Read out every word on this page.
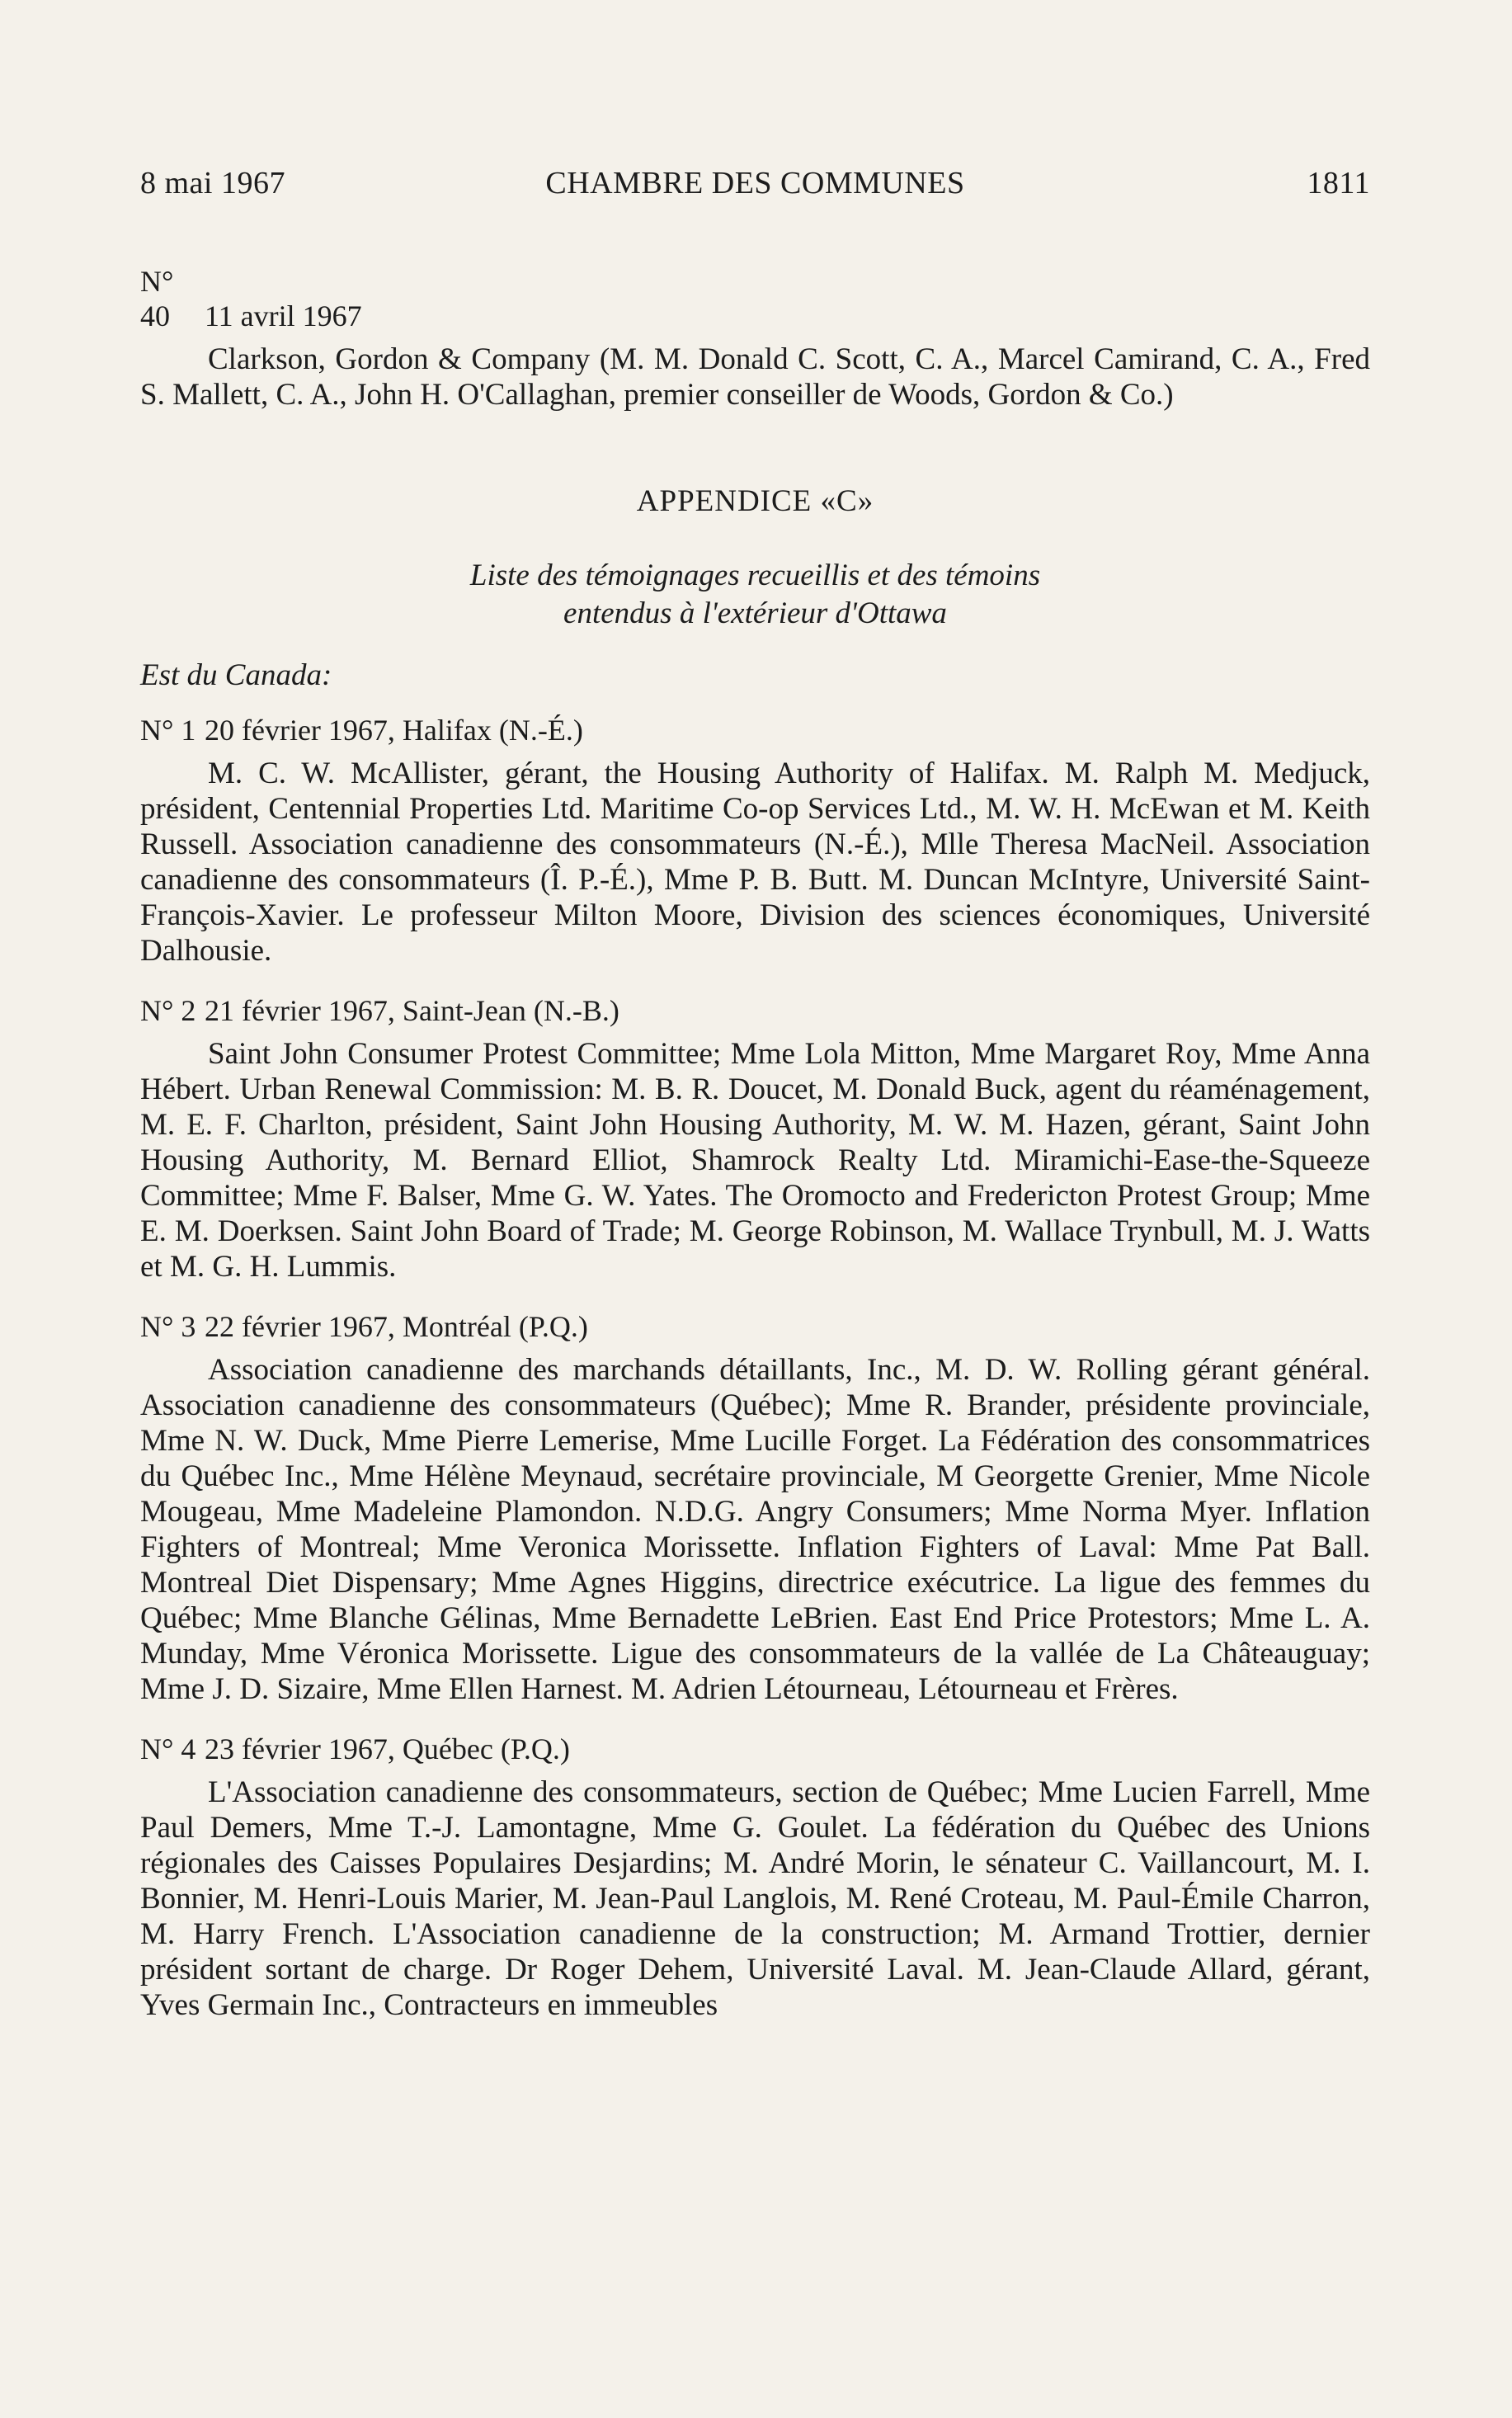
8 mai 1967	CHAMBRE DES COMMUNES	1811

N° 40 11 avril 1967

Clarkson, Gordon & Company (M. M. Donald C. Scott, C. A., Marcel Camirand, C. A., Fred S. Mallett, C. A., John H. O'Callaghan, premier conseiller de Woods, Gordon & Co.)

APPENDICE «C»

Liste des témoignages recueillis et des témoins
entendus à l'extérieur d'Ottawa

Est du Canada:

N° 1 20 février 1967, Halifax (N.-É.)

M. C. W. McAllister, gérant, the Housing Authority of Halifax. M. Ralph M. Medjuck, président, Centennial Properties Ltd. Maritime Co-op Services Ltd., M. W. H. McEwan et M. Keith Russell. Association canadienne des consommateurs (N.-É.), Mlle Theresa MacNeil. Association canadienne des consommateurs (Î. P.-É.), Mme P. B. Butt. M. Duncan McIntyre, Université Saint-François-Xavier. Le professeur Milton Moore, Division des sciences économiques, Université Dalhousie.

N° 2 21 février 1967, Saint-Jean (N.-B.)

Saint John Consumer Protest Committee; Mme Lola Mitton, Mme Margaret Roy, Mme Anna Hébert. Urban Renewal Commission: M. B. R. Doucet, M. Donald Buck, agent du réaménagement, M. E. F. Charlton, président, Saint John Housing Authority, M. W. M. Hazen, gérant, Saint John Housing Authority, M. Bernard Elliot, Shamrock Realty Ltd. Miramichi-Ease-the-Squeeze Committee; Mme F. Balser, Mme G. W. Yates. The Oromocto and Fredericton Protest Group; Mme E. M. Doerksen. Saint John Board of Trade; M. George Robinson, M. Wallace Trynbull, M. J. Watts et M. G. H. Lummis.

N° 3 22 février 1967, Montréal (P.Q.)

Association canadienne des marchands détaillants, Inc., M. D. W. Rolling gérant général. Association canadienne des consommateurs (Québec); Mme R. Brander, présidente provinciale, Mme N. W. Duck, Mme Pierre Lemerise, Mme Lucille Forget. La Fédération des consommatrices du Québec Inc., Mme Hélène Meynaud, secrétaire provinciale, M Georgette Grenier, Mme Nicole Mougeau, Mme Madeleine Plamondon. N.D.G. Angry Consumers; Mme Norma Myer. Inflation Fighters of Montreal; Mme Veronica Morissette. Inflation Fighters of Laval: Mme Pat Ball. Montreal Diet Dispensary; Mme Agnes Higgins, directrice exécutrice. La ligue des femmes du Québec; Mme Blanche Gélinas, Mme Bernadette LeBrien. East End Price Protestors; Mme L. A. Munday, Mme Véronica Morissette. Ligue des consommateurs de la vallée de La Châteauguay; Mme J. D. Sizaire, Mme Ellen Harnest. M. Adrien Létourneau, Létourneau et Frères.

N° 4 23 février 1967, Québec (P.Q.)

L'Association canadienne des consommateurs, section de Québec; Mme Lucien Farrell, Mme Paul Demers, Mme T.-J. Lamontagne, Mme G. Goulet. La fédération du Québec des Unions régionales des Caisses Populaires Desjardins; M. André Morin, le sénateur C. Vaillancourt, M. I. Bonnier, M. Henri-Louis Marier, M. Jean-Paul Langlois, M. René Croteau, M. Paul-Émile Charron, M. Harry French. L'Association canadienne de la construction; M. Armand Trottier, dernier président sortant de charge. Dr Roger Dehem, Université Laval. M. Jean-Claude Allard, gérant, Yves Germain Inc., Contracteurs en immeubles
